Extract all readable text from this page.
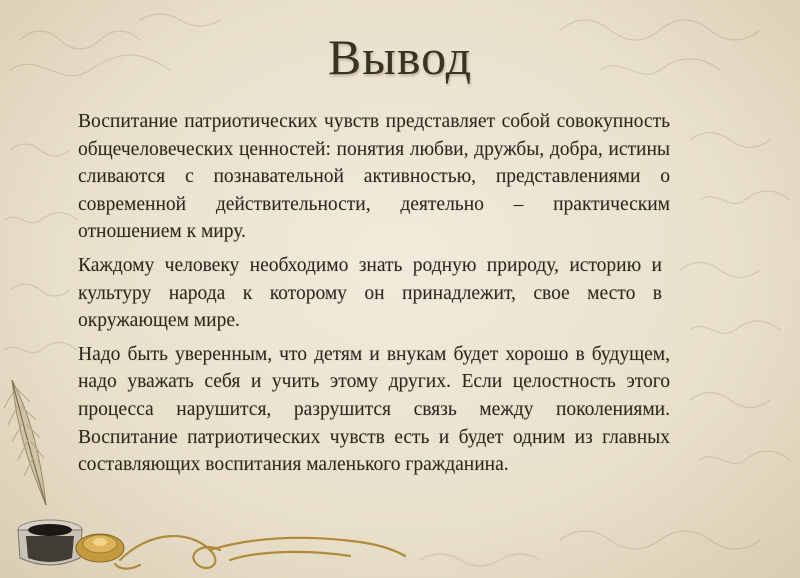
Вывод

Воспитание патриотических чувств представляет собой совокупность общечеловеческих ценностей: понятия любви, дружбы, добра, истины сливаются с познавательной активностью, представлениями о современной действительности, деятельно – практическим отношением к миру.

Каждому человеку необходимо знать родную природу, историю и культуру народа к которому он принадлежит, свое место в окружающем мире.

Надо быть уверенным, что детям и внукам будет хорошо в будущем, надо уважать себя и учить этому других. Если целостность этого процесса нарушится, разрушится связь между поколениями. Воспитание патриотических чувств есть и будет одним из главных составляющих воспитания маленького гражданина.
